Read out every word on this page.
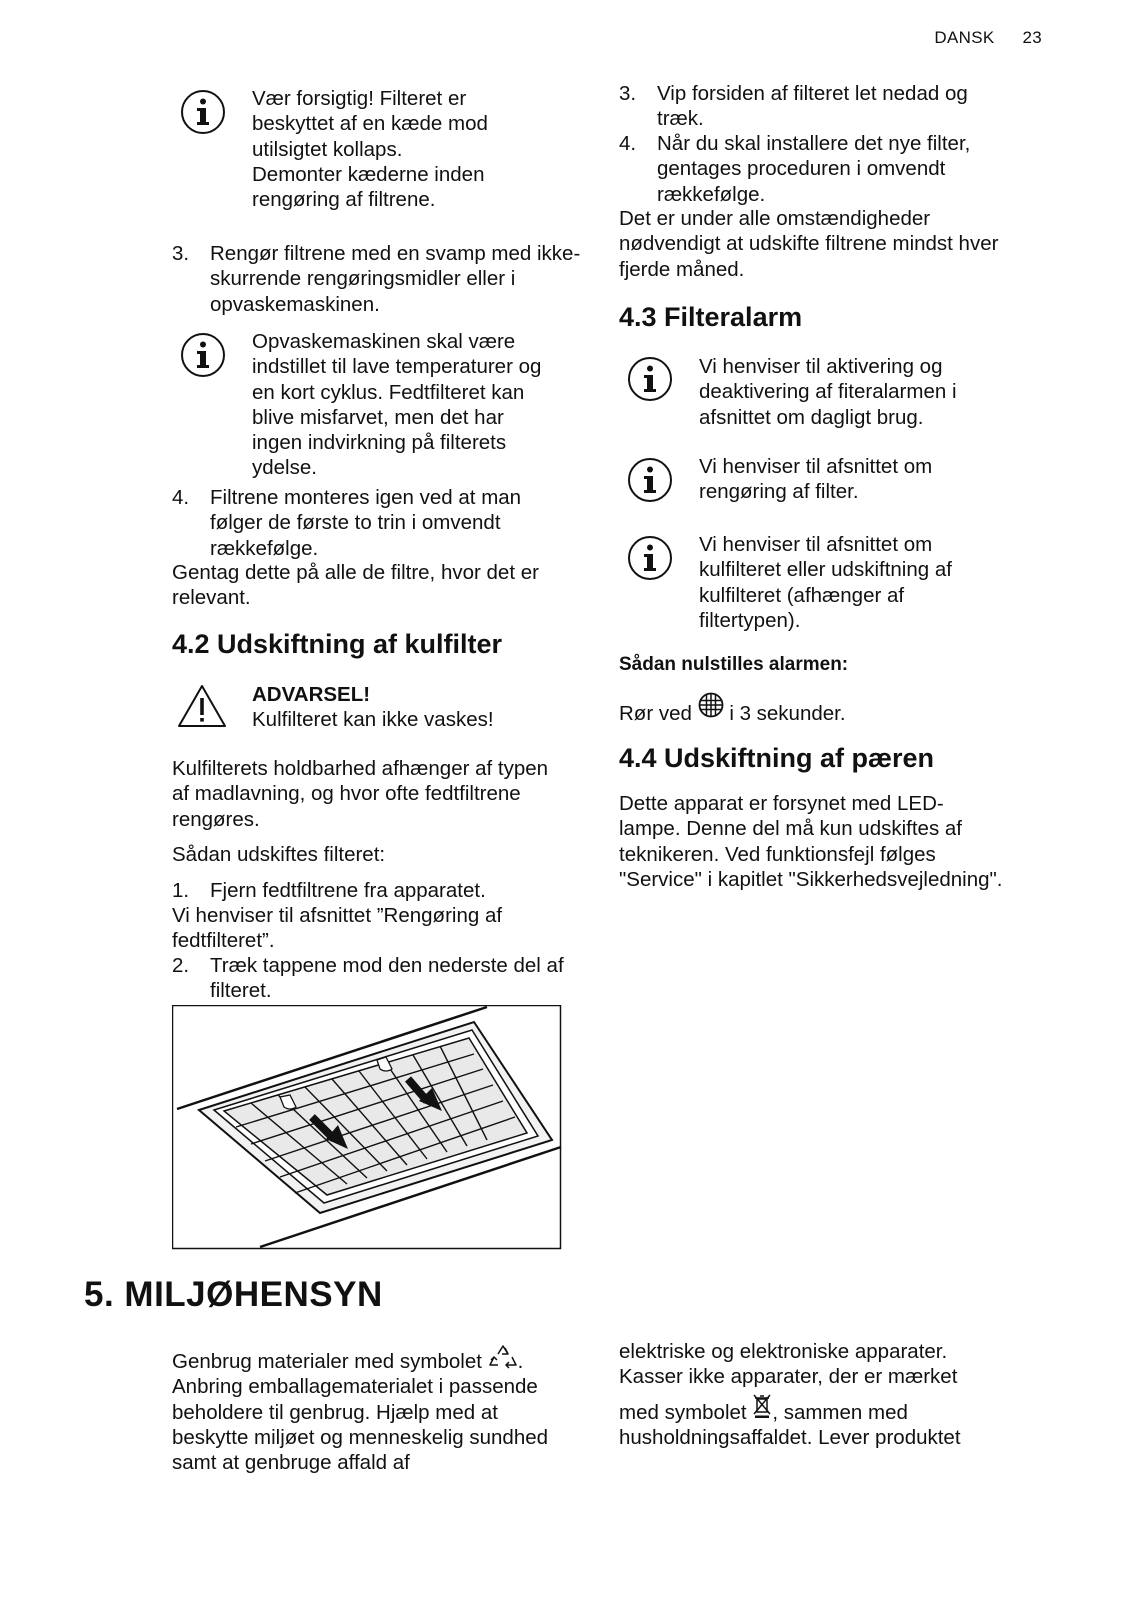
DANSK 23
Vær forsigtig! Filteret er beskyttet af en kæde mod utilsigtet kollaps. Demonter kæderne inden rengøring af filtrene.
3.	Rengør filtrene med en svamp med ikke-skurrende rengøringsmidler eller i opvaskemaskinen.
Opvaskemaskinen skal være indstillet til lave temperaturer og en kort cyklus. Fedtfilteret kan blive misfarvet, men det har ingen indvirkning på filterets ydelse.
4.	Filtrene monteres igen ved at man følger de første to trin i omvendt rækkefølge.
Gentag dette på alle de filtre, hvor det er relevant.
4.2 Udskiftning af kulfilter
ADVARSEL!
Kulfilteret kan ikke vaskes!
Kulfilterets holdbarhed afhænger af typen af madlavning, og hvor ofte fedtfiltrene rengøres.
Sådan udskiftes filteret:
1.	Fjern fedtfiltrene fra apparatet.
Vi henviser til afsnittet ”Rengøring af fedtfilteret”.
2.	Træk tappene mod den nederste del af filteret.
3.	Vip forsiden af filteret let nedad og træk.
4.	Når du skal installere det nye filter, gentages proceduren i omvendt rækkefølge.
Det er under alle omstændigheder nødvendigt at udskifte filtrene mindst hver fjerde måned.
4.3 Filteralarm
Vi henviser til aktivering og deaktivering af fiteralarmen i afsnittet om dagligt brug.
Vi henviser til afsnittet om rengøring af filter.
Vi henviser til afsnittet om kulfilteret eller udskiftning af kulfilteret (afhænger af filtertypen).
Sådan nulstilles alarmen:
Rør ved i 3 sekunder.
4.4 Udskiftning af pæren
Dette apparat er forsynet med LED-lampe. Denne del må kun udskiftes af teknikeren. Ved funktionsfejl følges "Service" i kapitlet "Sikkerhedsvejledning".
5. MILJØHENSYN
Genbrug materialer med symbolet . Anbring emballagematerialet i passende beholdere til genbrug. Hjælp med at beskytte miljøet og menneskelig sundhed samt at genbruge affald af
elektriske og elektroniske apparater. Kasser ikke apparater, der er mærket
med symbolet , sammen med husholdningsaffaldet. Lever produktet
